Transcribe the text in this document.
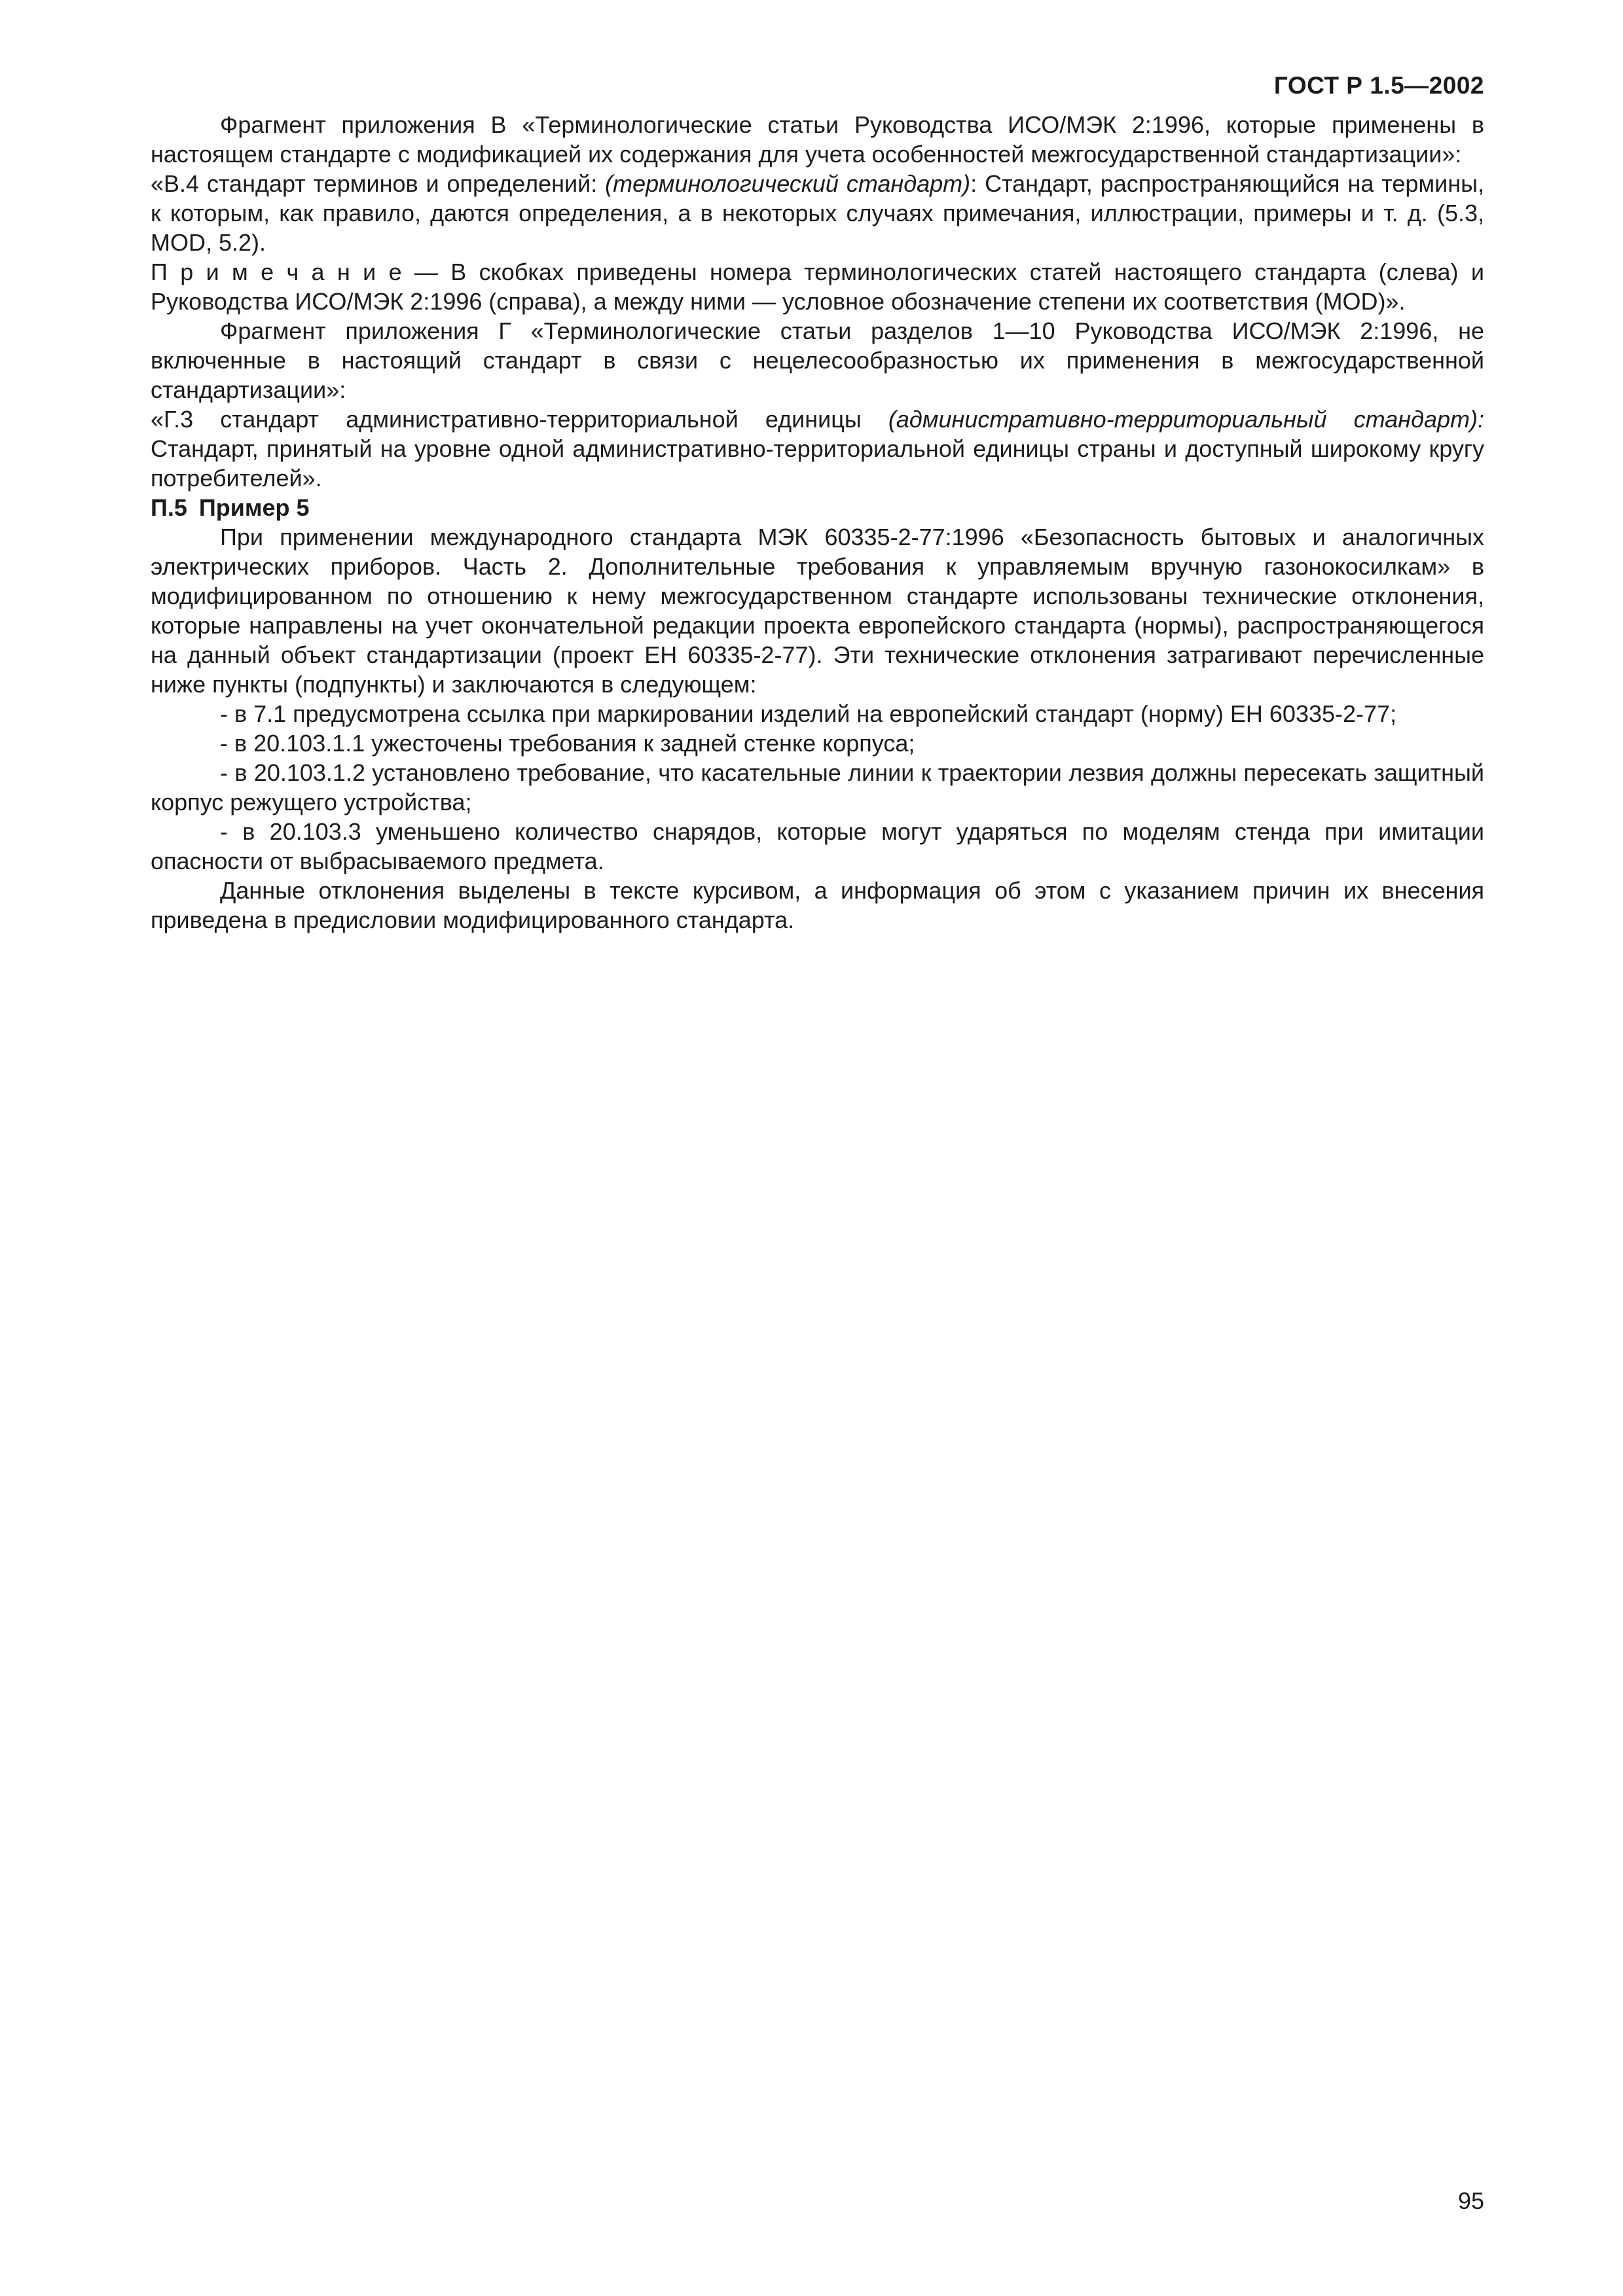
ГОСТ Р 1.5—2002

Фрагмент приложения В «Терминологические статьи Руководства ИСО/МЭК 2:1996, которые применены в настоящем стандарте с модификацией их содержания для учета особенностей межгосударственной стандартизации»:

«В.4 стандарт терминов и определений: (терминологический стандарт): Стандарт, распространяющийся на термины, к которым, как правило, даются определения, а в некоторых случаях примечания, иллюстрации, примеры и т. д. (5.3, MOD, 5.2).

П р и м е ч а н и е — В скобках приведены номера терминологических статей настоящего стандарта (слева) и Руководства ИСО/МЭК 2:1996 (справа), а между ними — условное обозначение степени их соответствия (MOD)».

Фрагмент приложения Г «Терминологические статьи разделов 1—10 Руководства ИСО/МЭК 2:1996, не включенные в настоящий стандарт в связи с нецелесообразностью их применения в межгосударственной стандартизации»:

«Г.3 стандарт административно-территориальной единицы (административно-территориальный стандарт): Стандарт, принятый на уровне одной административно-территориальной единицы страны и доступный широкому кругу потребителей».

П.5 Пример 5

При применении международного стандарта МЭК 60335-2-77:1996 «Безопасность бытовых и аналогичных электрических приборов. Часть 2. Дополнительные требования к управляемым вручную газонокосилкам» в модифицированном по отношению к нему межгосударственном стандарте использованы технические отклонения, которые направлены на учет окончательной редакции проекта европейского стандарта (нормы), распространяющегося на данный объект стандартизации (проект ЕН 60335-2-77). Эти технические отклонения затрагивают перечисленные ниже пункты (подпункты) и заключаются в следующем:

- в 7.1 предусмотрена ссылка при маркировании изделий на европейский стандарт (норму) ЕН 60335-2-77;

- в 20.103.1.1 ужесточены требования к задней стенке корпуса;

- в 20.103.1.2 установлено требование, что касательные линии к траектории лезвия должны пересекать защитный корпус режущего устройства;

- в 20.103.3 уменьшено количество снарядов, которые могут ударяться по моделям стенда при имитации опасности от выбрасываемого предмета.

Данные отклонения выделены в тексте курсивом, а информация об этом с указанием причин их внесения приведена в предисловии модифицированного стандарта.

95
